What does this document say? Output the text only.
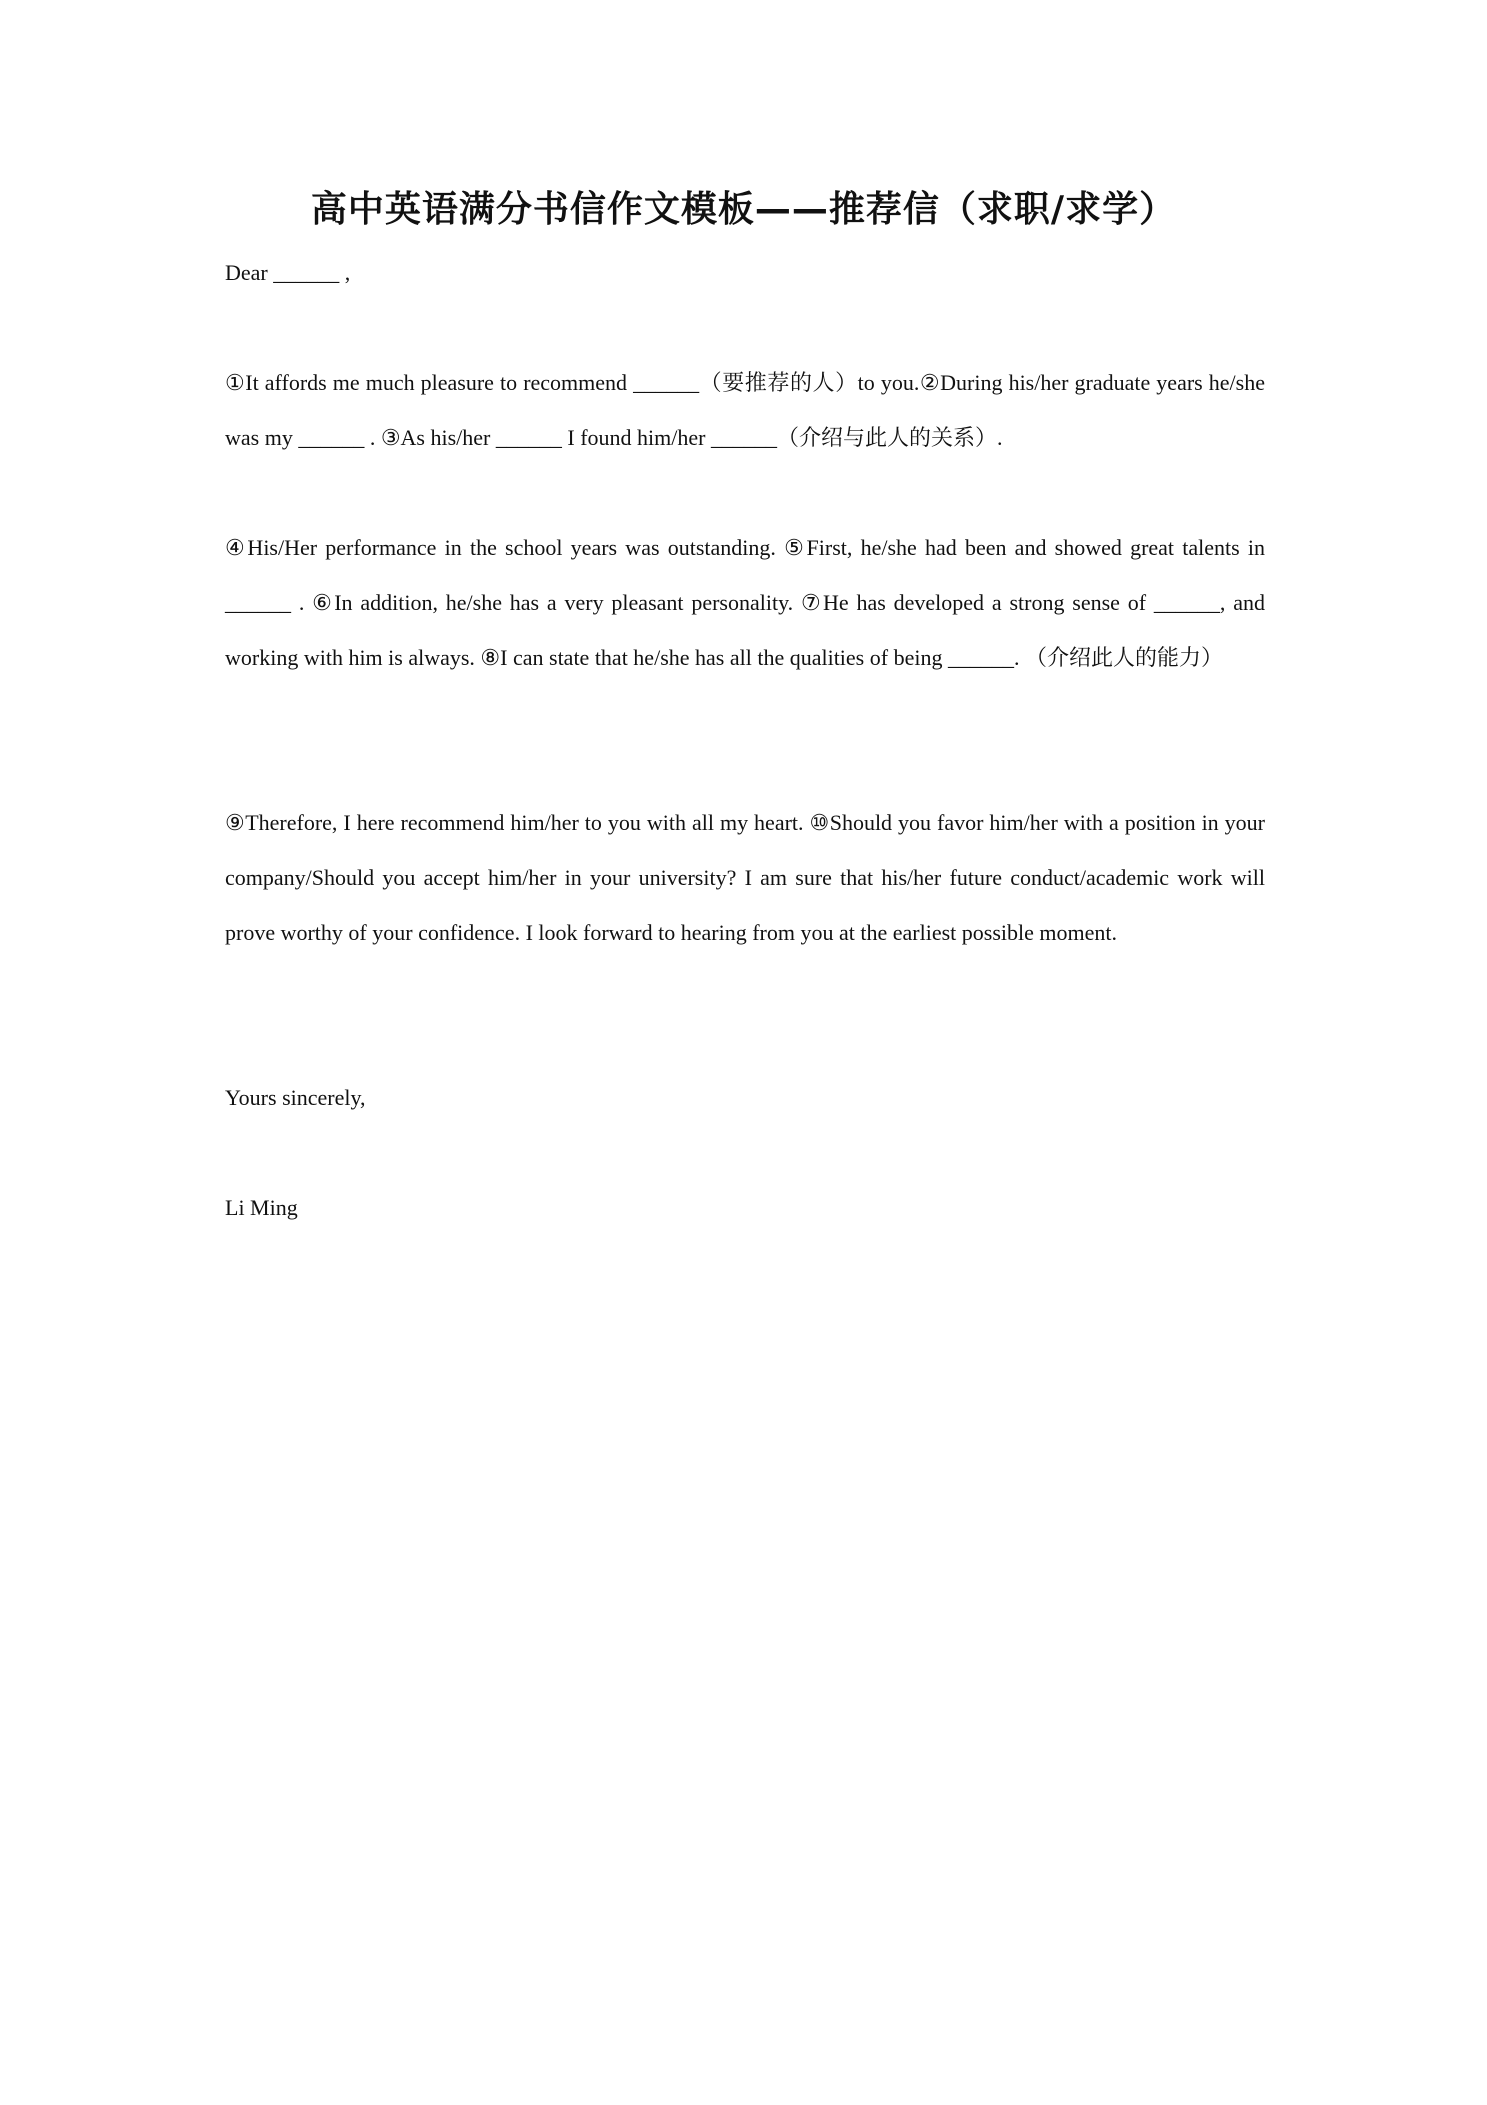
高中英语满分书信作文模板——推荐信（求职/求学）
Dear ______ ,

①It affords me much pleasure to recommend ______（要推荐的人）to you.②During his/her graduate years he/she was my ______ . ③As his/her ______ I found him/her ______（介绍与此人的关系）.

④His/Her performance in the school years was outstanding. ⑤First, he/she had been and showed great talents in ______ . ⑥In addition, he/she has a very pleasant personality. ⑦He has developed a strong sense of ______, and working with him is always. ⑧I can state that he/she has all the qualities of being ______. （介绍此人的能力）

⑨Therefore, I here recommend him/her to you with all my heart. ⑩Should you favor him/her with a position in your company/Should you accept him/her in your university? I am sure that his/her future conduct/academic work will prove worthy of your confidence. I look forward to hearing from you at the earliest possible moment.

Yours sincerely,
Li Ming
